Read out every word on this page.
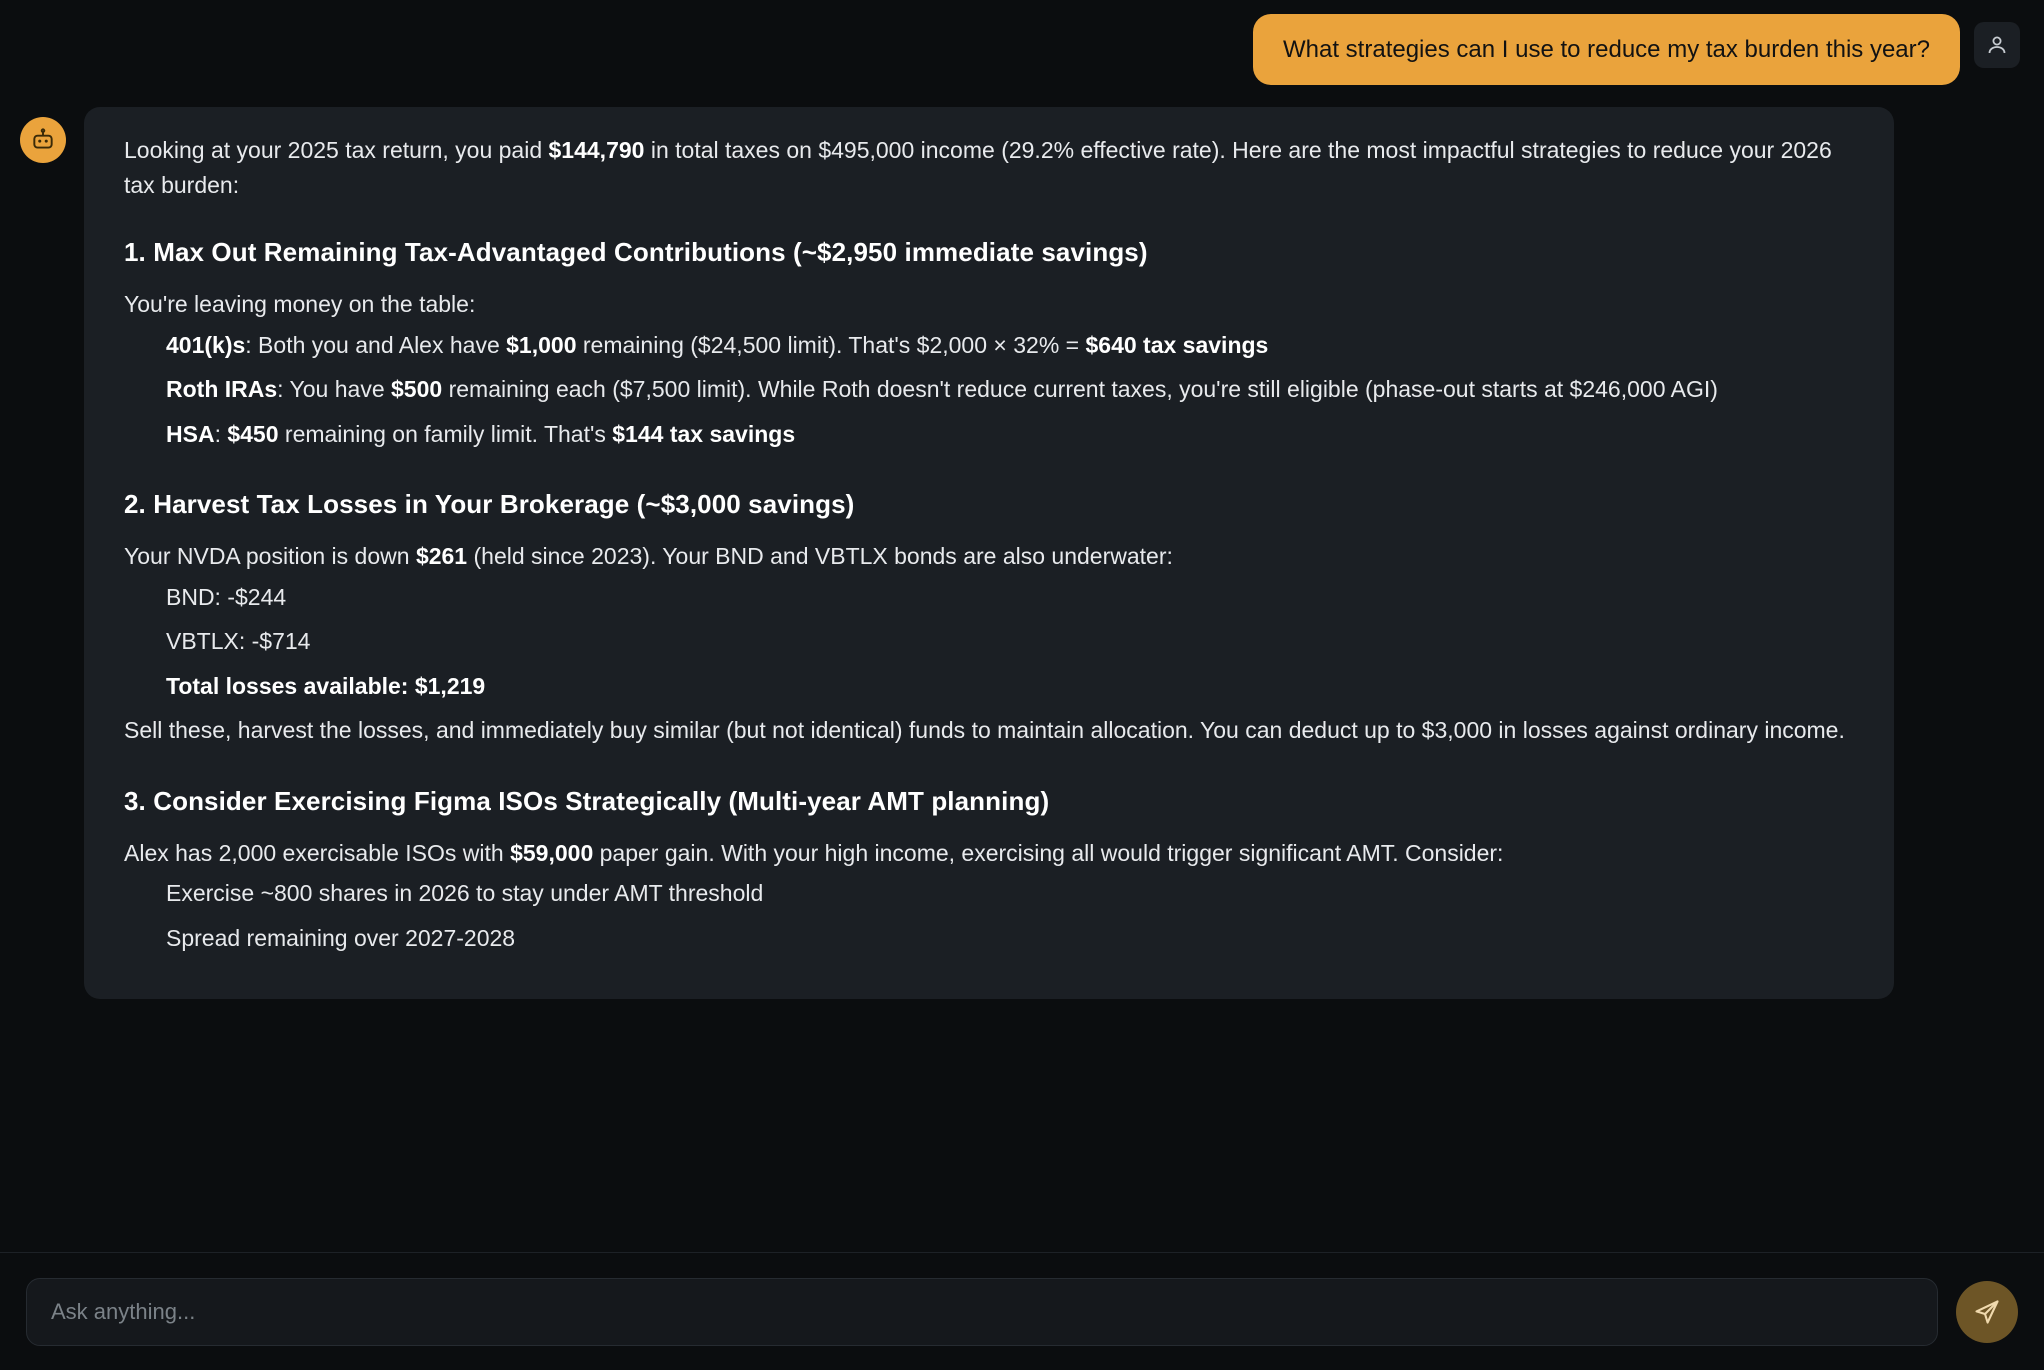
What strategies can I use to reduce my tax burden this year?

Looking at your 2025 tax return, you paid $144,790 in total taxes on $495,000 income (29.2% effective rate). Here are the most impactful strategies to reduce your 2026 tax burden:

1. Max Out Remaining Tax-Advantaged Contributions (~$2,950 immediate savings)

You're leaving money on the table:

401(k)s: Both you and Alex have $1,000 remaining ($24,500 limit). That's $2,000 × 32% = $640 tax savings
Roth IRAs: You have $500 remaining each ($7,500 limit). While Roth doesn't reduce current taxes, you're still eligible (phase-out starts at $246,000 AGI)
HSA: $450 remaining on family limit. That's $144 tax savings
2. Harvest Tax Losses in Your Brokerage (~$3,000 savings)

Your NVDA position is down $261 (held since 2023). Your BND and VBTLX bonds are also underwater:

BND: -$244
VBTLX: -$714
Total losses available: $1,219

Sell these, harvest the losses, and immediately buy similar (but not identical) funds to maintain allocation. You can deduct up to $3,000 in losses against ordinary income.

3. Consider Exercising Figma ISOs Strategically (Multi-year AMT planning)

Alex has 2,000 exercisable ISOs with $59,000 paper gain. With your high income, exercising all would trigger significant AMT. Consider:

Exercise ~800 shares in 2026 to stay under AMT threshold
Spread remaining over 2027-2028
Ask anything...
